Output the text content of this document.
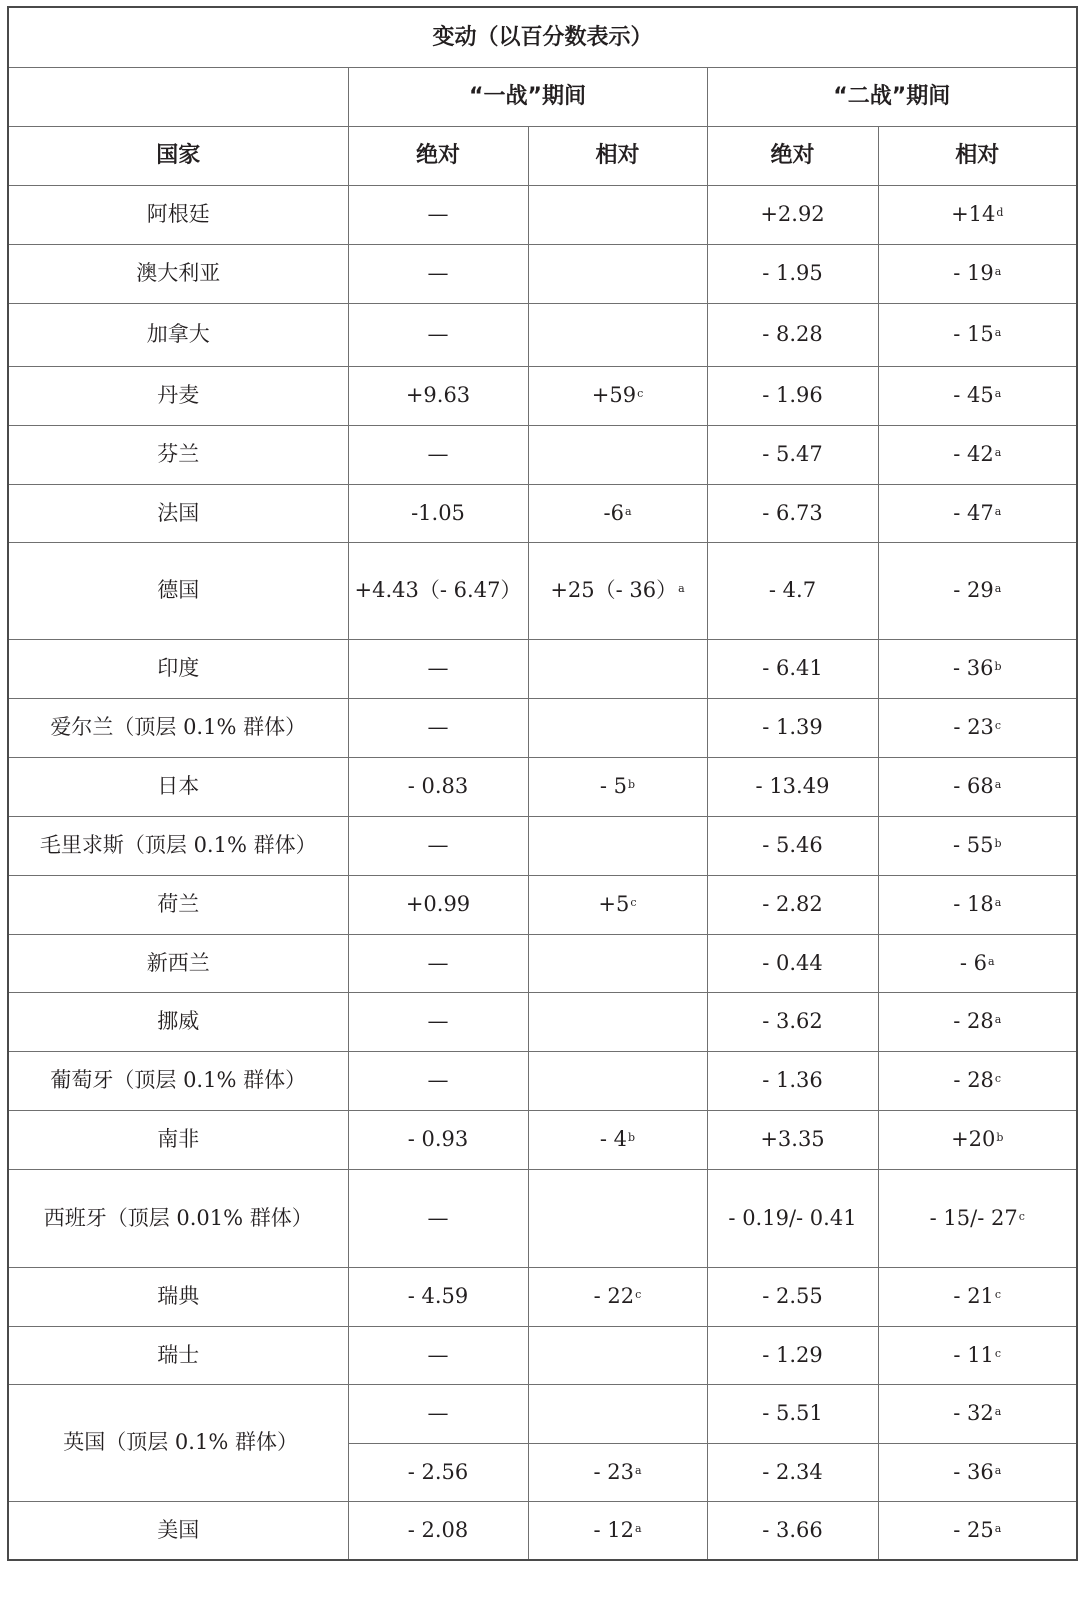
变动（以百分数表示）				
	“一战”期间		“二战”期间	
国家	绝对	相对	绝对	相对
阿根廷	—		+2.92	$+14^d$
澳大利亚	—		- 1.95	- 19$^a$
加拿大	—		- 8.28	- 15$^a$
丹麦	+9.63	$+59^c$	- 1.96	- 45$^a$
芬兰	—		- 5.47	- 42$^a$
法国	-1.05	-6$^a$	- 6.73	- 47$^a$
德国	+4.43（- 6.47）	+25（- 36）$^a$	- 4.7	- 29$^a$
印度	—		- 6.41	- 36$^b$
爱尔兰（顶层 0.1% 群体）	—		- 1.39	- 23$^c$
日本	- 0.83	- 5$^b$	- 13.49	- 68$^a$
毛里求斯（顶层 0.1% 群体）	—		- 5.46	- 55$^b$
荷兰	+0.99	$+5^c$	- 2.82	- 18$^a$
新西兰	—		- 0.44	- 6$^a$
挪威	—		- 3.62	- 28$^a$
葡萄牙（顶层 0.1% 群体）	—		- 1.36	- 28$^c$
南非	- 0.93	- $4^b$	+3.35	$+20^b$
西班牙（顶层 0.01% 群体）	—		- 0.19/- 0.41	- 15/- 27$^c$
瑞典	- 4.59	- 22$^c$	- 2.55	- 21$^c$
瑞士	—		- 1.29	- 11$^c$
英国（顶层 0.1% 群体）	—		- 5.51	- 32$^a$
	- 2.56	- 23$^a$	- 2.34	- 36$^a$
美国	- 2.08	- 12$^a$	- 3.66	- 25$^a$
